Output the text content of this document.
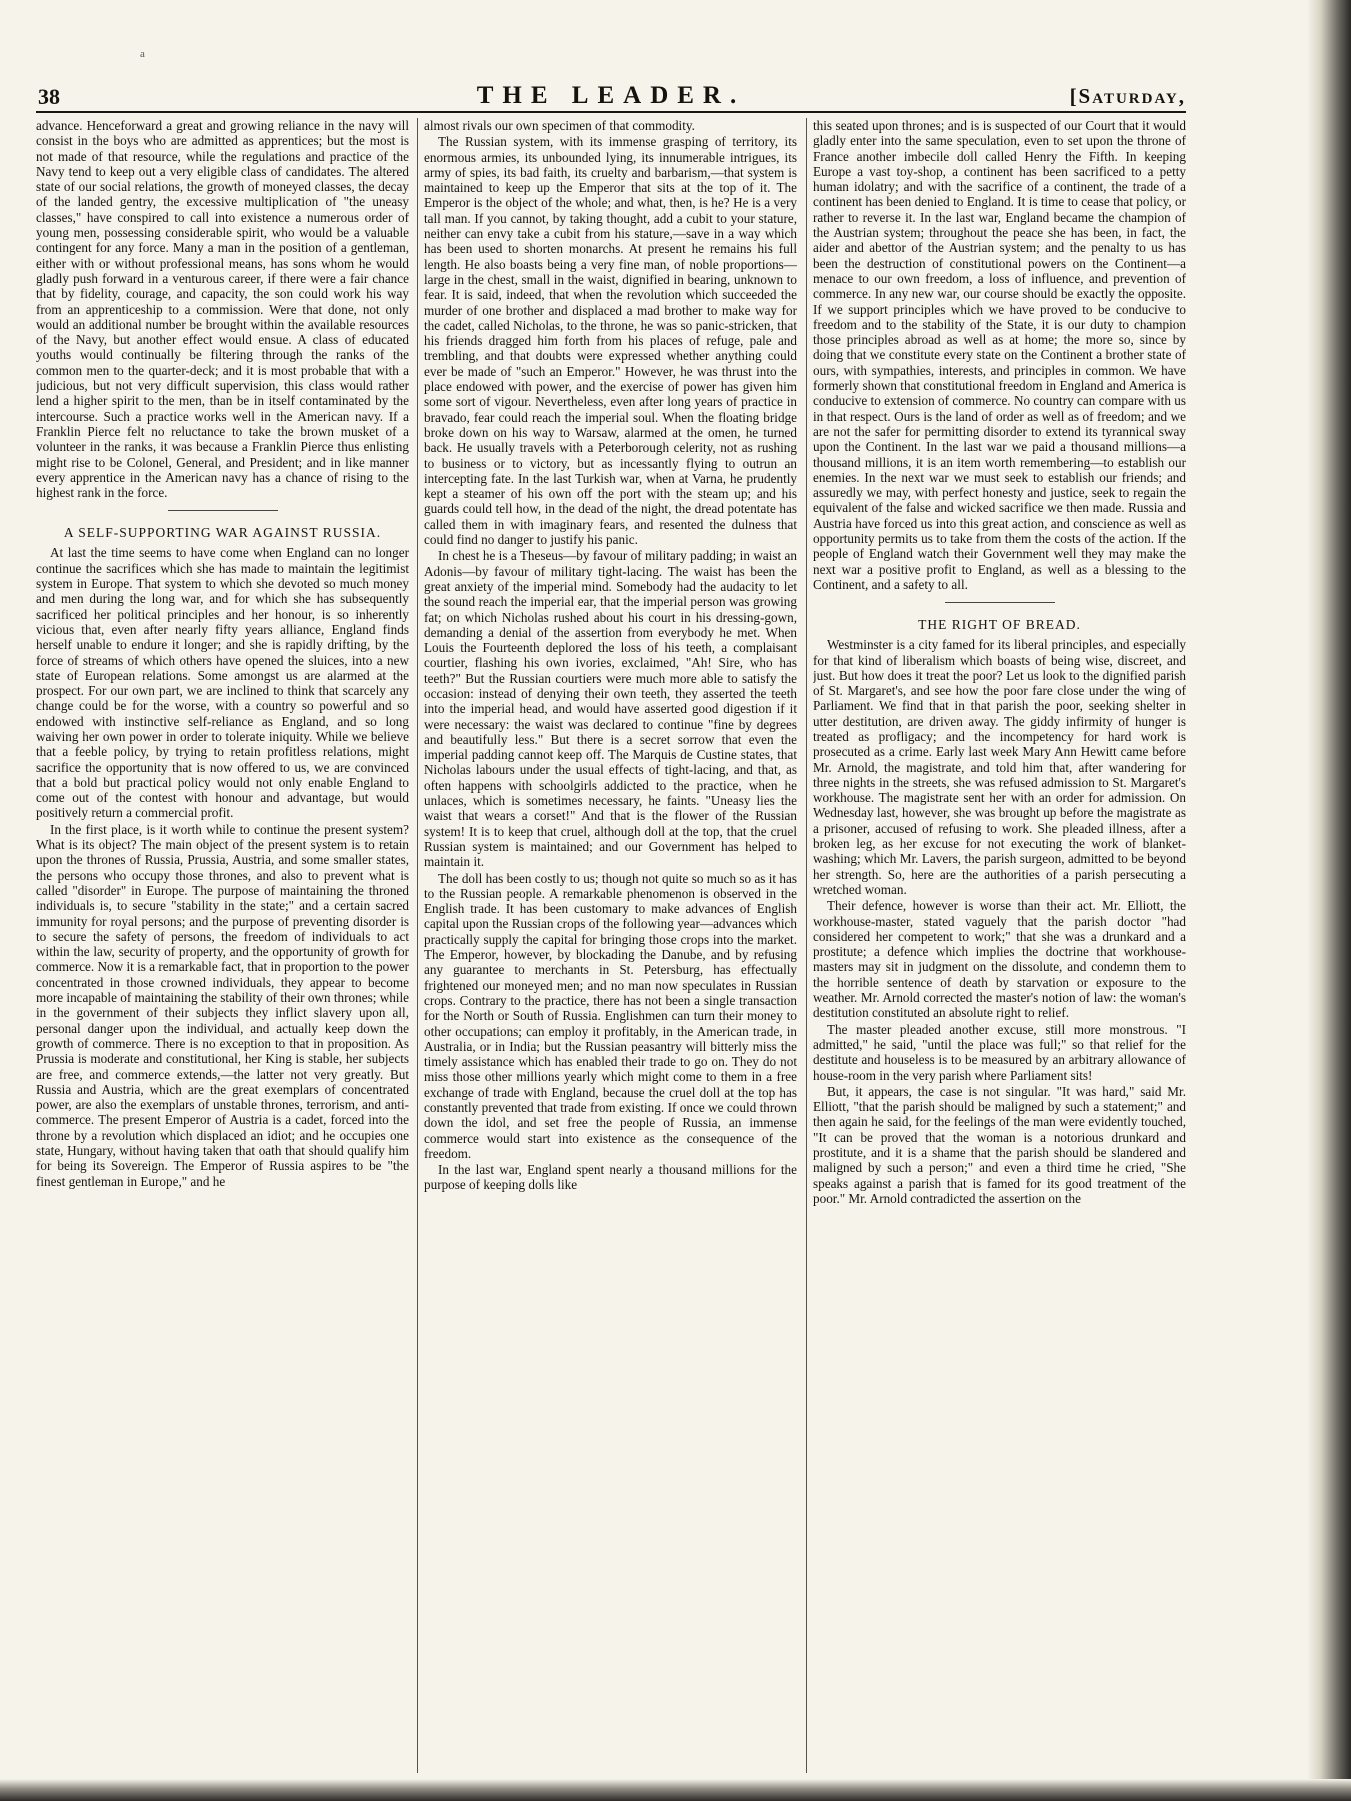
a
38	THE LEADER.	[Saturday,

advance. Henceforward a great and growing reliance in the navy will consist in the boys who are admitted as apprentices; but the most is not made of that resource, while the regulations and practice of the Navy tend to keep out a very eligible class of candidates. The altered state of our social relations, the growth of moneyed classes, the decay of the landed gentry, the excessive multiplication of "the uneasy classes," have conspired to call into existence a numerous order of young men, possessing considerable spirit, who would be a valuable contingent for any force. Many a man in the position of a gentleman, either with or without professional means, has sons whom he would gladly push forward in a venturous career, if there were a fair chance that by fidelity, courage, and capacity, the son could work his way from an apprenticeship to a commission. Were that done, not only would an additional number be brought within the available resources of the Navy, but another effect would ensue. A class of educated youths would continually be filtering through the ranks of the common men to the quarter-deck; and it is most probable that with a judicious, but not very difficult supervision, this class would rather lend a higher spirit to the men, than be in itself contaminated by the intercourse. Such a practice works well in the American navy. If a Franklin Pierce felt no reluctance to take the brown musket of a volunteer in the ranks, it was because a Franklin Pierce thus enlisting might rise to be Colonel, General, and President; and in like manner every apprentice in the American navy has a chance of rising to the highest rank in the force.

A SELF-SUPPORTING WAR AGAINST RUSSIA.

At last the time seems to have come when England can no longer continue the sacrifices which she has made to maintain the legitimist system in Europe. That system to which she devoted so much money and men during the long war, and for which she has subsequently sacrificed her political principles and her honour, is so inherently vicious that, even after nearly fifty years alliance, England finds herself unable to endure it longer; and she is rapidly drifting, by the force of streams of which others have opened the sluices, into a new state of European relations. Some amongst us are alarmed at the prospect. For our own part, we are inclined to think that scarcely any change could be for the worse, with a country so powerful and so endowed with instinctive self-reliance as England, and so long waiving her own power in order to tolerate iniquity. While we believe that a feeble policy, by trying to retain profitless relations, might sacrifice the opportunity that is now offered to us, we are convinced that a bold but practical policy would not only enable England to come out of the contest with honour and advantage, but would positively return a commercial profit.

In the first place, is it worth while to continue the present system? What is its object? The main object of the present system is to retain upon the thrones of Russia, Prussia, Austria, and some smaller states, the persons who occupy those thrones, and also to prevent what is called "disorder" in Europe. The purpose of maintaining the throned individuals is, to secure "stability in the state;" and a certain sacred immunity for royal persons; and the purpose of preventing disorder is to secure the safety of persons, the freedom of individuals to act within the law, security of property, and the opportunity of growth for commerce. Now it is a remarkable fact, that in proportion to the power concentrated in those crowned individuals, they appear to become more incapable of maintaining the stability of their own thrones; while in the government of their subjects they inflict slavery upon all, personal danger upon the individual, and actually keep down the growth of commerce. There is no exception to that in proposition. As Prussia is moderate and constitutional, her King is stable, her subjects are free, and commerce extends,—the latter not very greatly. But Russia and Austria, which are the great exemplars of concentrated power, are also the exemplars of unstable thrones, terrorism, and anti-commerce. The present Emperor of Austria is a cadet, forced into the throne by a revolution which displaced an idiot; and he occupies one state, Hungary, without having taken that oath that should qualify him for being its Sovereign. The Emperor of Russia aspires to be "the finest gentleman in Europe," and he

almost rivals our own specimen of that commodity.

The Russian system, with its immense grasping of territory, its enormous armies, its unbounded lying, its innumerable intrigues, its army of spies, its bad faith, its cruelty and barbarism,—that system is maintained to keep up the Emperor that sits at the top of it. The Emperor is the object of the whole; and what, then, is he? He is a very tall man. If you cannot, by taking thought, add a cubit to your stature, neither can envy take a cubit from his stature,—save in a way which has been used to shorten monarchs. At present he remains his full length. He also boasts being a very fine man, of noble proportions—large in the chest, small in the waist, dignified in bearing, unknown to fear. It is said, indeed, that when the revolution which succeeded the murder of one brother and displaced a mad brother to make way for the cadet, called Nicholas, to the throne, he was so panic-stricken, that his friends dragged him forth from his places of refuge, pale and trembling, and that doubts were expressed whether anything could ever be made of "such an Emperor." However, he was thrust into the place endowed with power, and the exercise of power has given him some sort of vigour. Nevertheless, even after long years of practice in bravado, fear could reach the imperial soul. When the floating bridge broke down on his way to Warsaw, alarmed at the omen, he turned back. He usually travels with a Peterborough celerity, not as rushing to business or to victory, but as incessantly flying to outrun an intercepting fate. In the last Turkish war, when at Varna, he prudently kept a steamer of his own off the port with the steam up; and his guards could tell how, in the dead of the night, the dread potentate has called them in with imaginary fears, and resented the dulness that could find no danger to justify his panic.

In chest he is a Theseus—by favour of military padding; in waist an Adonis—by favour of military tight-lacing. The waist has been the great anxiety of the imperial mind. Somebody had the audacity to let the sound reach the imperial ear, that the imperial person was growing fat; on which Nicholas rushed about his court in his dressing-gown, demanding a denial of the assertion from everybody he met. When Louis the Fourteenth deplored the loss of his teeth, a complaisant courtier, flashing his own ivories, exclaimed, "Ah! Sire, who has teeth?" But the Russian courtiers were much more able to satisfy the occasion: instead of denying their own teeth, they asserted the teeth into the imperial head, and would have asserted good digestion if it were necessary: the waist was declared to continue "fine by degrees and beautifully less." But there is a secret sorrow that even the imperial padding cannot keep off. The Marquis de Custine states, that Nicholas labours under the usual effects of tight-lacing, and that, as often happens with schoolgirls addicted to the practice, when he unlaces, which is sometimes necessary, he faints. "Uneasy lies the waist that wears a corset!" And that is the flower of the Russian system! It is to keep that cruel, although doll at the top, that the cruel Russian system is maintained; and our Government has helped to maintain it.

The doll has been costly to us; though not quite so much so as it has to the Russian people. A remarkable phenomenon is observed in the English trade. It has been customary to make advances of English capital upon the Russian crops of the following year—advances which practically supply the capital for bringing those crops into the market. The Emperor, however, by blockading the Danube, and by refusing any guarantee to merchants in St. Petersburg, has effectually frightened our moneyed men; and no man now speculates in Russian crops. Contrary to the practice, there has not been a single transaction for the North or South of Russia. Englishmen can turn their money to other occupations; can employ it profitably, in the American trade, in Australia, or in India; but the Russian peasantry will bitterly miss the timely assistance which has enabled their trade to go on. They do not miss those other millions yearly which might come to them in a free exchange of trade with England, because the cruel doll at the top has constantly prevented that trade from existing. If once we could thrown down the idol, and set free the people of Russia, an immense commerce would start into existence as the consequence of the freedom.

In the last war, England spent nearly a thousand millions for the purpose of keeping dolls like

this seated upon thrones; and is is suspected of our Court that it would gladly enter into the same speculation, even to set upon the throne of France another imbecile doll called Henry the Fifth. In keeping Europe a vast toy-shop, a continent has been sacrificed to a petty human idolatry; and with the sacrifice of a continent, the trade of a continent has been denied to England. It is time to cease that policy, or rather to reverse it. In the last war, England became the champion of the Austrian system; throughout the peace she has been, in fact, the aider and abettor of the Austrian system; and the penalty to us has been the destruction of constitutional powers on the Continent—a menace to our own freedom, a loss of influence, and prevention of commerce. In any new war, our course should be exactly the opposite. If we support principles which we have proved to be conducive to freedom and to the stability of the State, it is our duty to champion those principles abroad as well as at home; the more so, since by doing that we constitute every state on the Continent a brother state of ours, with sympathies, interests, and principles in common. We have formerly shown that constitutional freedom in England and America is conducive to extension of commerce. No country can compare with us in that respect. Ours is the land of order as well as of freedom; and we are not the safer for permitting disorder to extend its tyrannical sway upon the Continent. In the last war we paid a thousand millions—a thousand millions, it is an item worth remembering—to establish our enemies. In the next war we must seek to establish our friends; and assuredly we may, with perfect honesty and justice, seek to regain the equivalent of the false and wicked sacrifice we then made. Russia and Austria have forced us into this great action, and conscience as well as opportunity permits us to take from them the costs of the action. If the people of England watch their Government well they may make the next war a positive profit to England, as well as a blessing to the Continent, and a safety to all.

THE RIGHT OF BREAD.

Westminster is a city famed for its liberal principles, and especially for that kind of liberalism which boasts of being wise, discreet, and just. But how does it treat the poor? Let us look to the dignified parish of St. Margaret's, and see how the poor fare close under the wing of Parliament. We find that in that parish the poor, seeking shelter in utter destitution, are driven away. The giddy infirmity of hunger is treated as profligacy; and the incompetency for hard work is prosecuted as a crime. Early last week Mary Ann Hewitt came before Mr. Arnold, the magistrate, and told him that, after wandering for three nights in the streets, she was refused admission to St. Margaret's workhouse. The magistrate sent her with an order for admission. On Wednesday last, however, she was brought up before the magistrate as a prisoner, accused of refusing to work. She pleaded illness, after a broken leg, as her excuse for not executing the work of blanket-washing; which Mr. Lavers, the parish surgeon, admitted to be beyond her strength. So, here are the authorities of a parish persecuting a wretched woman.

Their defence, however is worse than their act. Mr. Elliott, the workhouse-master, stated vaguely that the parish doctor "had considered her competent to work;" that she was a drunkard and a prostitute; a defence which implies the doctrine that workhouse-masters may sit in judgment on the dissolute, and condemn them to the horrible sentence of death by starvation or exposure to the weather. Mr. Arnold corrected the master's notion of law: the woman's destitution constituted an absolute right to relief.

The master pleaded another excuse, still more monstrous. "I admitted," he said, "until the place was full;" so that relief for the destitute and houseless is to be measured by an arbitrary allowance of house-room in the very parish where Parliament sits!

But, it appears, the case is not singular. "It was hard," said Mr. Elliott, "that the parish should be maligned by such a statement;" and then again he said, for the feelings of the man were evidently touched, "It can be proved that the woman is a notorious drunkard and prostitute, and it is a shame that the parish should be slandered and maligned by such a person;" and even a third time he cried, "She speaks against a parish that is famed for its good treatment of the poor." Mr. Arnold contradicted the assertion on the
